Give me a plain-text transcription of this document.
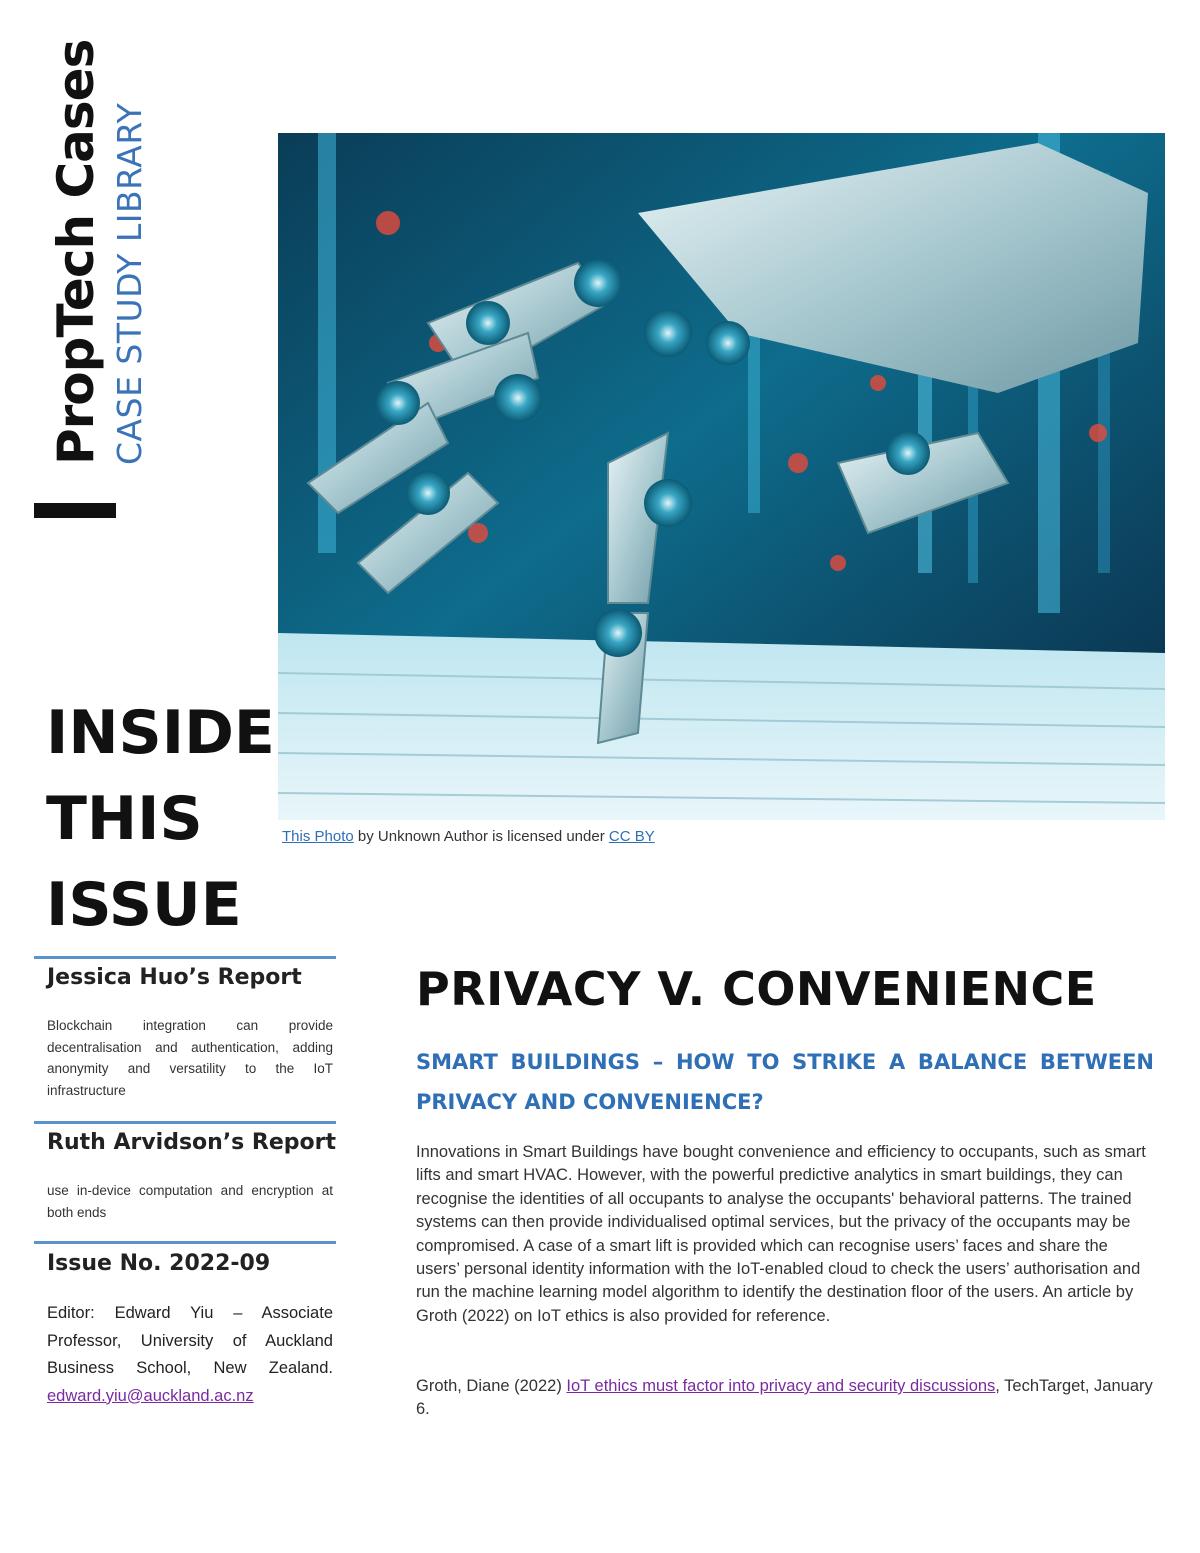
PropTech Cases CASE STUDY LIBRARY
This Photo by Unknown Author is licensed under CC BY
INSIDE
THIS
ISSUE
Jessica Huo’s Report
Blockchain integration can provide decentralisation and authentication, adding anonymity and versatility to the IoT infrastructure
Ruth Arvidson’s Report
use in-device computation and encryption at both ends
Issue No. 2022-09
Editor: Edward Yiu – Associate Professor, University of Auckland Business School, New Zealand. edward.yiu@auckland.ac.nz
PRIVACY V. CONVENIENCE
SMART BUILDINGS – HOW TO STRIKE A BALANCE BETWEEN PRIVACY AND CONVENIENCE?
Innovations in Smart Buildings have bought convenience and efficiency to occupants, such as smart lifts and smart HVAC. However, with the powerful predictive analytics in smart buildings, they can recognise the identities of all occupants to analyse the occupants' behavioral patterns. The trained systems can then provide individualised optimal services, but the privacy of the occupants may be compromised. A case of a smart lift is provided which can recognise users’ faces and share the users’ personal identity information with the IoT-enabled cloud to check the users’ authorisation and run the machine learning model algorithm to identify the destination floor of the users. An article by Groth (2022) on IoT ethics is also provided for reference.
Groth, Diane (2022) IoT ethics must factor into privacy and security discussions, TechTarget, January 6.
